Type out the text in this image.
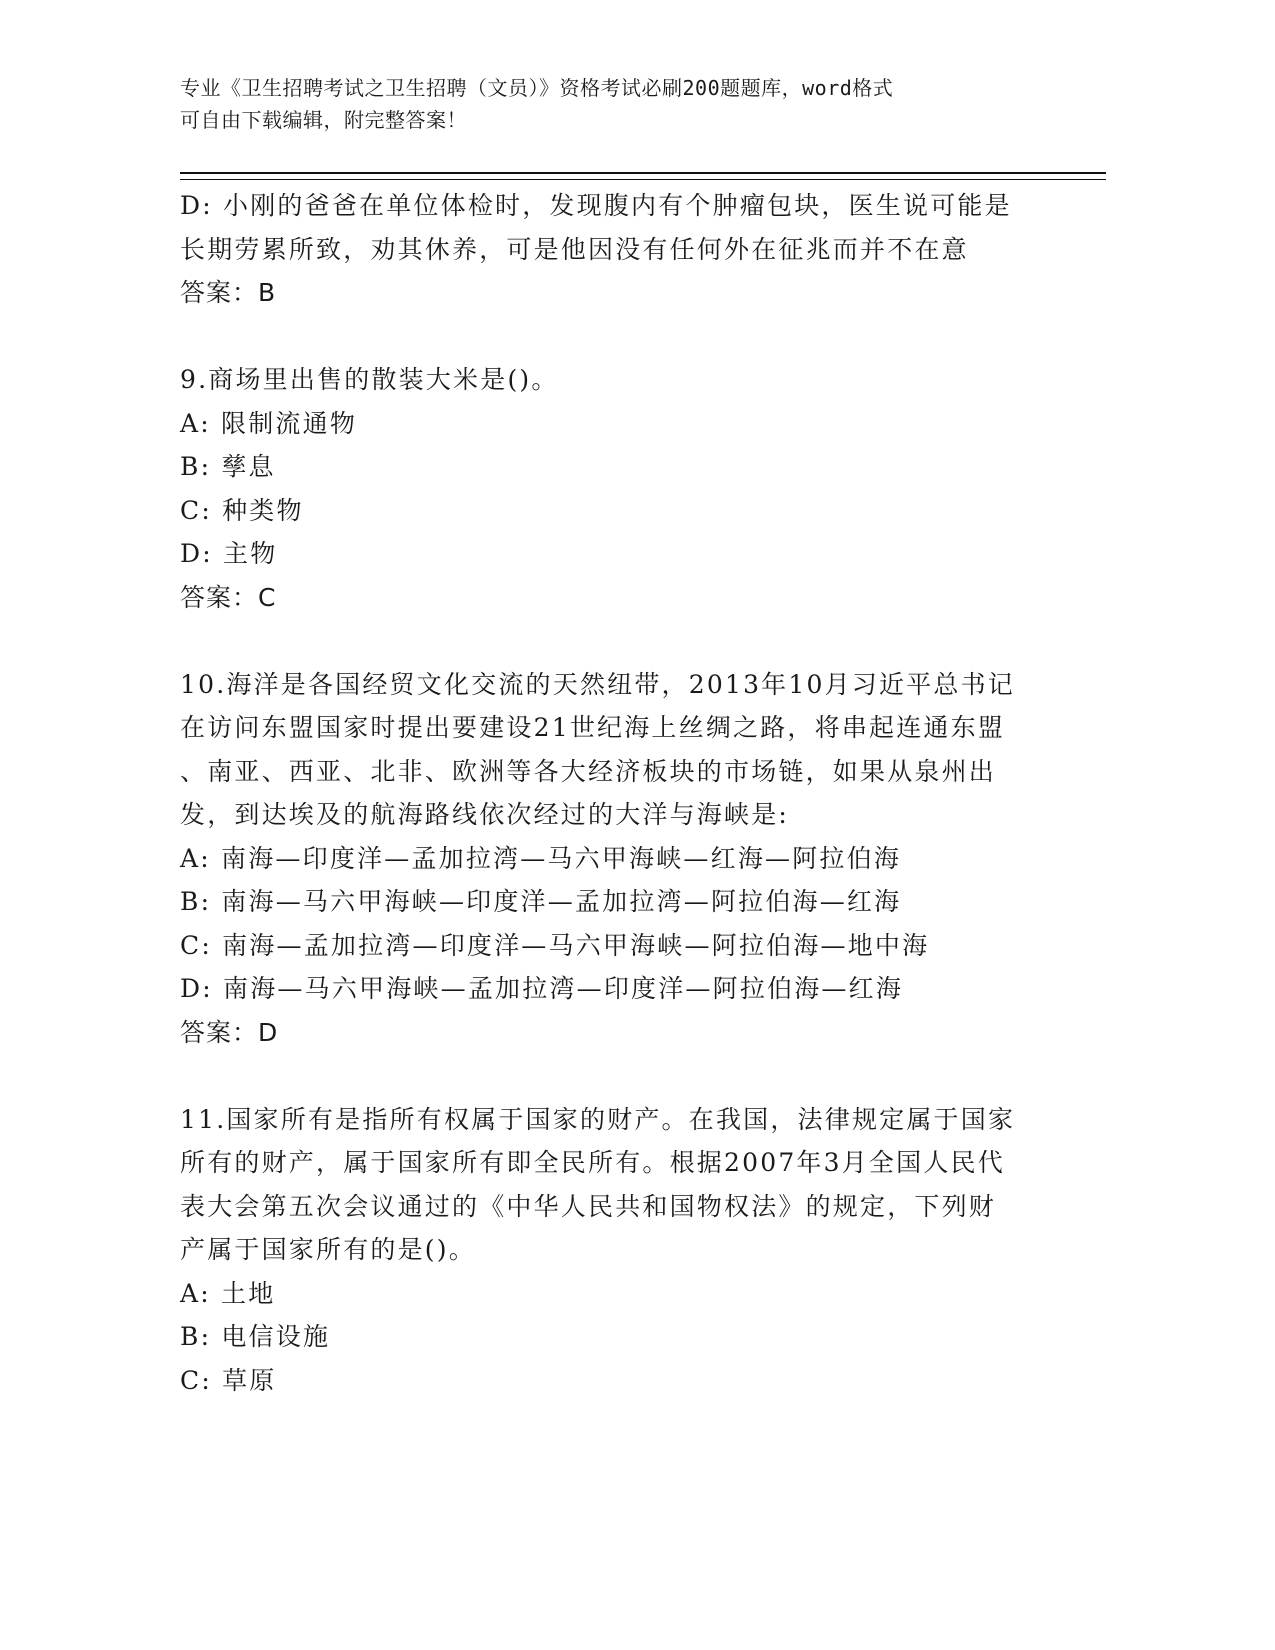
专业《卫生招聘考试之卫生招聘（文员）》资格考试必刷200题题库，word格式
可自由下载编辑，附完整答案！
D: 小刚的爸爸在单位体检时，发现腹内有个肿瘤包块，医生说可能是
长期劳累所致，劝其休养，可是他因没有任何外在征兆而并不在意
答案：B
9.商场里出售的散装大米是()。
A: 限制流通物
B: 孳息
C: 种类物
D: 主物
答案：C
10.海洋是各国经贸文化交流的天然纽带，2013年10月习近平总书记
在访问东盟国家时提出要建设21世纪海上丝绸之路，将串起连通东盟
、南亚、西亚、北非、欧洲等各大经济板块的市场链，如果从泉州出
发，到达埃及的航海路线依次经过的大洋与海峡是:
A: 南海—印度洋—孟加拉湾—马六甲海峡—红海—阿拉伯海
B: 南海—马六甲海峡—印度洋—孟加拉湾—阿拉伯海—红海
C: 南海—孟加拉湾—印度洋—马六甲海峡—阿拉伯海—地中海
D: 南海—马六甲海峡—孟加拉湾—印度洋—阿拉伯海—红海
答案：D
11.国家所有是指所有权属于国家的财产。在我国，法律规定属于国家
所有的财产，属于国家所有即全民所有。根据2007年3月全国人民代
表大会第五次会议通过的《中华人民共和国物权法》的规定，下列财
产属于国家所有的是()。
A: 土地
B: 电信设施
C: 草原
